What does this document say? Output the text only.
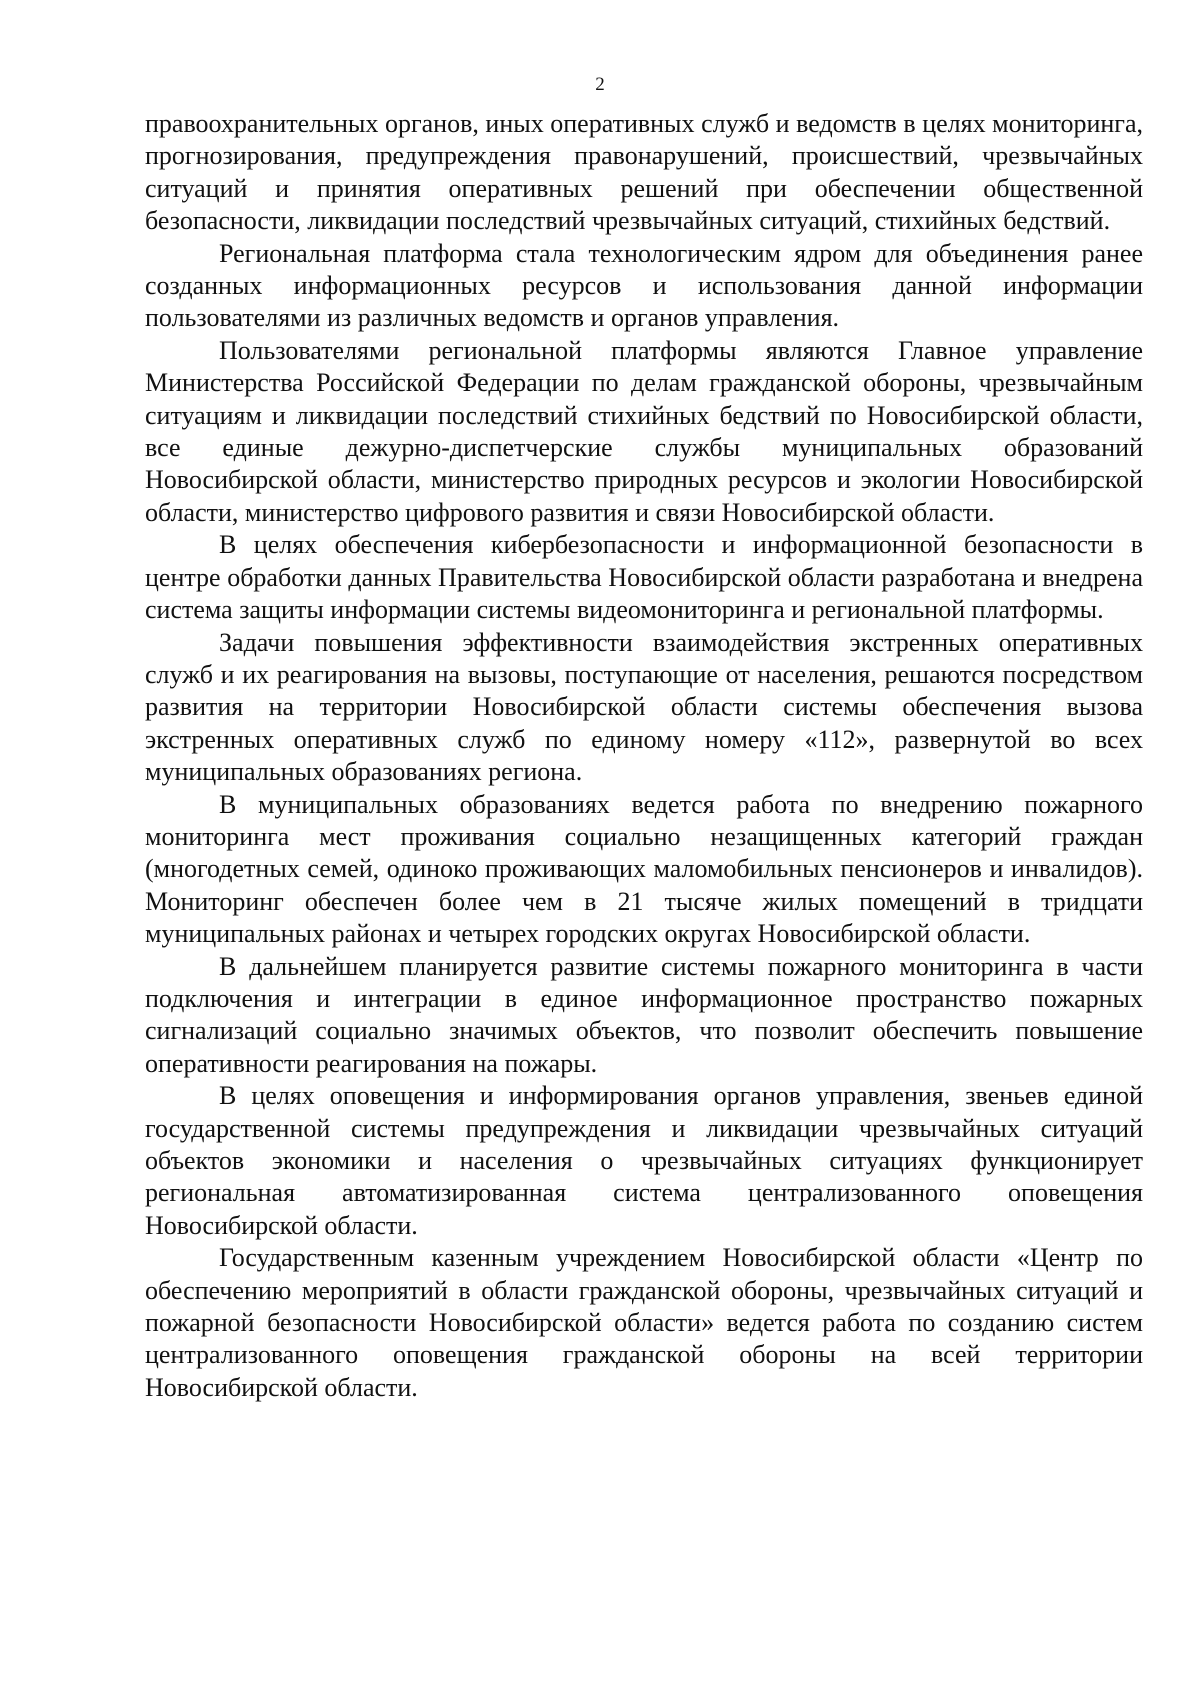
2

правоохранительных органов, иных оперативных служб и ведомств в целях мониторинга, прогнозирования, предупреждения правонарушений, происшествий, чрезвычайных ситуаций и принятия оперативных решений при обеспечении общественной безопасности, ликвидации последствий чрезвычайных ситуаций, стихийных бедствий.

Региональная платформа стала технологическим ядром для объединения ранее созданных информационных ресурсов и использования данной информации пользователями из различных ведомств и органов управления.

Пользователями региональной платформы являются Главное управление Министерства Российской Федерации по делам гражданской обороны, чрезвычайным ситуациям и ликвидации последствий стихийных бедствий по Новосибирской области, все единые дежурно-диспетчерские службы муниципальных образований Новосибирской области, министерство природных ресурсов и экологии Новосибирской области, министерство цифрового развития и связи Новосибирской области.

В целях обеспечения кибербезопасности и информационной безопасности в центре обработки данных Правительства Новосибирской области разработана и внедрена система защиты информации системы видеомониторинга и региональной платформы.

Задачи повышения эффективности взаимодействия экстренных оперативных служб и их реагирования на вызовы, поступающие от населения, решаются посредством развития на территории Новосибирской области системы обеспечения вызова экстренных оперативных служб по единому номеру «112», развернутой во всех муниципальных образованиях региона.

В муниципальных образованиях ведется работа по внедрению пожарного мониторинга мест проживания социально незащищенных категорий граждан (многодетных семей, одиноко проживающих маломобильных пенсионеров и инвалидов). Мониторинг обеспечен более чем в 21 тысяче жилых помещений в тридцати муниципальных районах и четырех городских округах Новосибирской области.

В дальнейшем планируется развитие системы пожарного мониторинга в части подключения и интеграции в единое информационное пространство пожарных сигнализаций социально значимых объектов, что позволит обеспечить повышение оперативности реагирования на пожары.

В целях оповещения и информирования органов управления, звеньев единой государственной системы предупреждения и ликвидации чрезвычайных ситуаций объектов экономики и населения о чрезвычайных ситуациях функционирует региональная автоматизированная система централизованного оповещения Новосибирской области.

Государственным казенным учреждением Новосибирской области «Центр по обеспечению мероприятий в области гражданской обороны, чрезвычайных ситуаций и пожарной безопасности Новосибирской области» ведется работа по созданию систем централизованного оповещения гражданской обороны на всей территории Новосибирской области.
